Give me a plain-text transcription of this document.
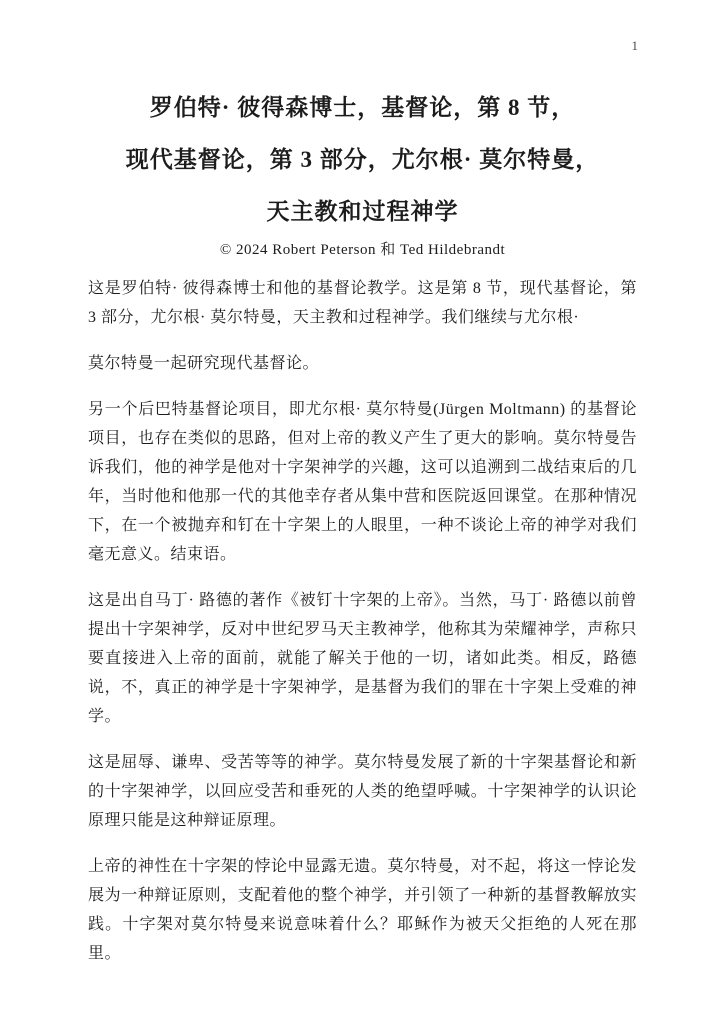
1
罗伯特· 彼得森博士，基督论，第 8 节，
现代基督论，第 3 部分，尤尔根· 莫尔特曼，
天主教和过程神学
© 2024 Robert Peterson 和 Ted Hildebrandt

这是罗伯特· 彼得森博士和他的基督论教学。这是第 8 节，现代基督论，第 3 部分，尤尔根· 莫尔特曼，天主教和过程神学。我们继续与尤尔根·

莫尔特曼一起研究现代基督论。

另一个后巴特基督论项目，即尤尔根· 莫尔特曼(Jürgen Moltmann) 的基督论项目，也存在类似的思路，但对上帝的教义产生了更大的影响。莫尔特曼告诉我们，他的神学是他对十字架神学的兴趣，这可以追溯到二战结束后的几年，当时他和他那一代的其他幸存者从集中营和医院返回课堂。在那种情况下，在一个被抛弃和钉在十字架上的人眼里，一种不谈论上帝的神学对我们毫无意义。结束语。

这是出自马丁· 路德的著作《被钉十字架的上帝》。当然，马丁· 路德以前曾提出十字架神学，反对中世纪罗马天主教神学，他称其为荣耀神学，声称只要直接进入上帝的面前，就能了解关于他的一切，诸如此类。相反，路德说，不，真正的神学是十字架神学，是基督为我们的罪在十字架上受难的神学。

这是屈辱、谦卑、受苦等等的神学。莫尔特曼发展了新的十字架基督论和新的十字架神学，以回应受苦和垂死的人类的绝望呼喊。十字架神学的认识论原理只能是这种辩证原理。

上帝的神性在十字架的悖论中显露无遗。莫尔特曼，对不起，将这一悖论发展为一种辩证原则，支配着他的整个神学，并引领了一种新的基督教解放实践。十字架对莫尔特曼来说意味着什么？耶稣作为被天父拒绝的人死在那里。
